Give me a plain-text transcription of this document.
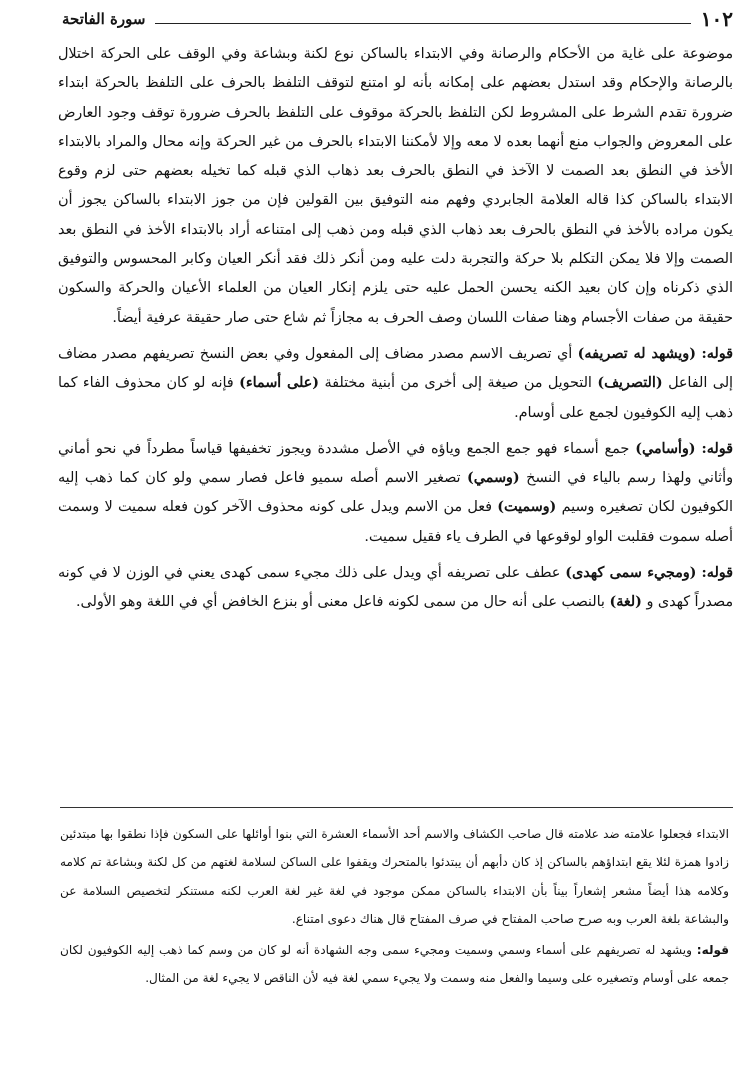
١٠٢
سورة الفاتحة

موضوعة على غاية من الأحكام والرصانة وفي الابتداء بالساكن نوع لكنة وبشاعة وفي الوقف على الحركة اختلال بالرصانة والإحكام وقد استدل بعضهم على إمكانه بأنه لو امتنع لتوقف التلفظ بالحرف على التلفظ بالحركة ابتداء ضرورة تقدم الشرط على المشروط لكن التلفظ بالحركة موقوف على التلفظ بالحرف ضرورة توقف وجود العارض على المعروض والجواب منع أنهما بعده لا معه وإلا لأمكننا الابتداء بالحرف من غير الحركة وإنه محال والمراد بالابتداء الأخذ في النطق بعد الصمت لا الآخذ في النطق بالحرف بعد ذهاب الذي قبله كما تخيله بعضهم حتى لزم وقوع الابتداء بالساكن كذا قاله العلامة الجابردي وفهم منه التوفيق بين القولين فإن من جوز الابتداء بالساكن يجوز أن يكون مراده بالأخذ في النطق بالحرف بعد ذهاب الذي قبله ومن ذهب إلى امتناعه أراد بالابتداء الأخذ في النطق بعد الصمت وإلا فلا يمكن التكلم بلا حركة والتجربة دلت عليه ومن أنكر ذلك فقد أنكر العيان وكابر المحسوس والتوفيق الذي ذكرناه وإن كان بعيد الكنه يحسن الحمل عليه حتى يلزم إنكار العيان من العلماء الأعيان والحركة والسكون حقيقة من صفات الأجسام وهنا صفات اللسان وصف الحرف به مجازاً ثم شاع حتى صار حقيقة عرفية أيضاً.

قوله: (ويشهد له تصريفه) أي تصريف الاسم مصدر مضاف إلى المفعول وفي بعض النسخ تصريفهم مصدر مضاف إلى الفاعل (التصريف) التحويل من صيغة إلى أخرى من أبنية مختلفة (على أسماء) فإنه لو كان محذوف الفاء كما ذهب إليه الكوفيون لجمع على أوسام.

قوله: (وأسامي) جمع أسماء فهو جمع الجمع وياؤه في الأصل مشددة ويجوز تخفيفها قياساً مطرداً في نحو أماني وأثاني ولهذا رسم بالياء في النسخ (وسمي) تصغير الاسم أصله سميو فاعل فصار سمي ولو كان كما ذهب إليه الكوفيون لكان تصغيره وسيم (وسميت) فعل من الاسم ويدل على كونه محذوف الآخر كون فعله سميت لا وسمت أصله سموت فقلبت الواو لوقوعها في الطرف ياء فقيل سميت.

قوله: (ومجيء سمى كهدى) عطف على تصريفه أي ويدل على ذلك مجيء سمى كهدى يعني في الوزن لا في كونه مصدراً كهدى و (لغة) بالنصب على أنه حال من سمى لكونه فاعل معنى أو بنزع الخافض أي في اللغة وهو الأولى.

الابتداء فجعلوا علامته ضد علامته قال صاحب الكشاف والاسم أحد الأسماء العشرة التي بنوا أوائلها على السكون فإذا نطقوا بها مبتدئين زادوا همزة لئلا يقع ابتداؤهم بالساكن إذ كان دأبهم أن يبتدئوا بالمتحرك ويقفوا على الساكن لسلامة لغتهم من كل لكنة وبشاعة تم كلامه وكلامه هذا أيضاً مشعر إشعاراً بيناً بأن الابتداء بالساكن ممكن موجود في لغة غير لغة العرب لكنه مستنكر لتخصيص السلامة عن والبشاعة بلغة العرب وبه صرح صاحب المفتاح في صرف المفتاح قال هناك دعوى امتناع.

قوله: ويشهد له تصريفهم على أسماء وسمي وسميت ومجيء سمى وجه الشهادة أنه لو كان من وسم كما ذهب إليه الكوفيون لكان جمعه على أوسام وتصغيره على وسيما والفعل منه وسمت ولا يجيء سمي لغة فيه لأن الناقص لا يجيء لغة من المثال.
